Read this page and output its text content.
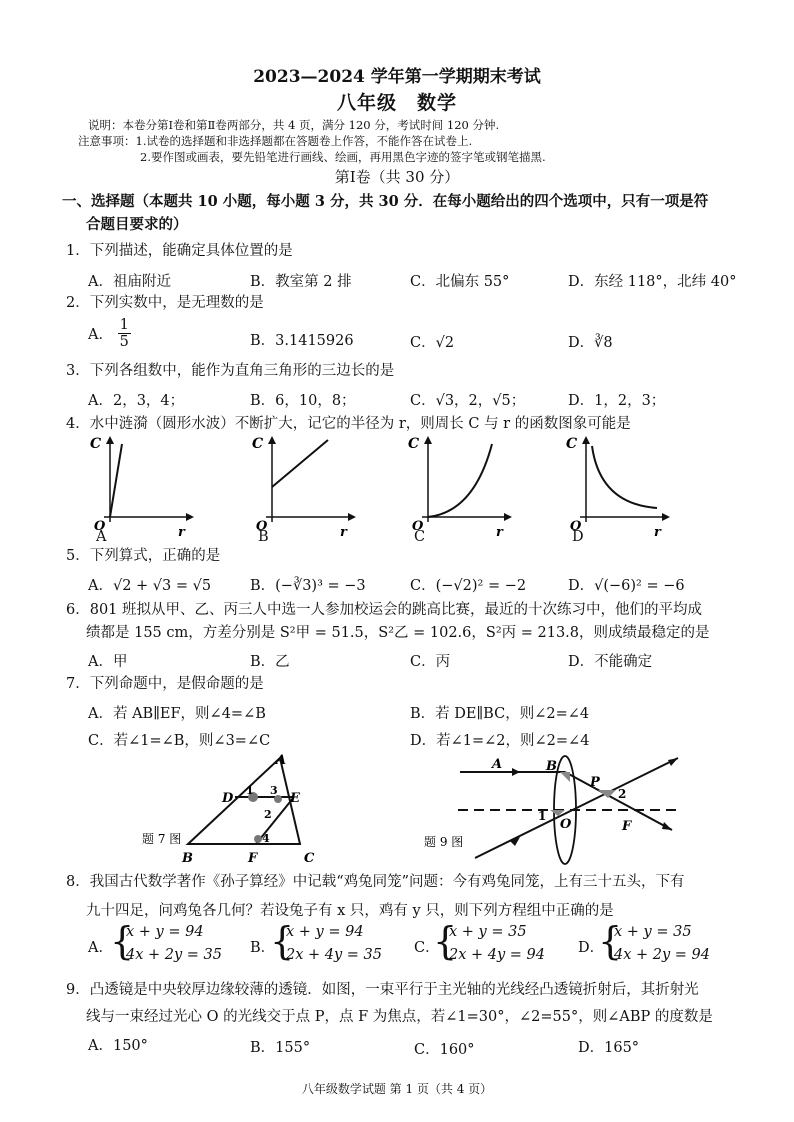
2023—2024 学年第一学期期末考试
八年级　数学
说明：本卷分第Ⅰ卷和第Ⅱ卷两部分，共 4 页，满分 120 分，考试时间 120 分钟.
注意事项：1.试卷的选择题和非选择题都在答题卷上作答，不能作答在试卷上.
2.要作图或画表，要先铅笔进行画线、绘画，再用黑色字迹的签字笔或钢笔描黑.
第Ⅰ卷（共 30 分）
一、选择题（本题共 10 小题，每小题 3 分，共 30 分．在每小题给出的四个选项中，只有一项是符
合题目要求的）
1．下列描述，能确定具体位置的是
A．祖庙附近	B．教室第 2 排	C．北偏东 55°	D．东经 118°，北纬 40°
2．下列实数中，是无理数的是
A． $\frac{1}{5}$	B．3.1415926	C．√2	D．∛8
3．下列各组数中，能作为直角三角形的三边长的是
A．2，3，4；	B．6，10，8；	C．√3，2，√5；	D．1，2，3；
4．水中涟漪（圆形水波）不断扩大，记它的半径为 r，则周长 C 与 r 的函数图象可能是
C
r
O
A
C
r
O
B
C
r
O
C
C
r
O
D
5．下列算式，正确的是
A．√2 + √3 = √5	B．(−∛3)³ = −3	C．(−√2)² = −2	D．√(−6)² = −6
6．801 班拟从甲、乙、丙三人中选一人参加校运会的跳高比赛，最近的十次练习中，他们的平均成
绩都是 155 cm，方差分别是 S²甲 = 51.5，S²乙 = 102.6，S²丙 = 213.8，则成绩最稳定的是
A．甲	B．乙	C．丙	D．不能确定
7．下列命题中，是假命题的是
A．若 AB∥EF，则∠4=∠B	B．若 DE∥BC，则∠2=∠4
C．若∠1=∠B，则∠3=∠C	D．若∠1=∠2，则∠2=∠4
A
D	E
B	F	C
1 3
2
4
题 7 图
A	B
P
2
1
O	F
题 9 图
8．我国古代数学著作《孙子算经》中记载“鸡兔同笼”问题：今有鸡兔同笼，上有三十五头，下有
九十四足，问鸡兔各几何？若设兔子有 x 只，鸡有 y 只，则下列方程组中正确的是
A．
{
x + y = 94
4x + 2y = 35 B．
{
x + y = 94
2x + 4y = 35 C．
{
x + y = 35
2x + 4y = 94 D．
{
x + y = 35
4x + 2y = 94
9．凸透镜是中央较厚边缘较薄的透镜．如图，一束平行于主光轴的光线经凸透镜折射后，其折射光
线与一束经过光心 O 的光线交于点 P，点 F 为焦点，若∠1=30°，∠2=55°，则∠ABP 的度数是
A．150°	B．155°	C．160°	D．165°
八年级数学试题 第 1 页（共 4 页）
